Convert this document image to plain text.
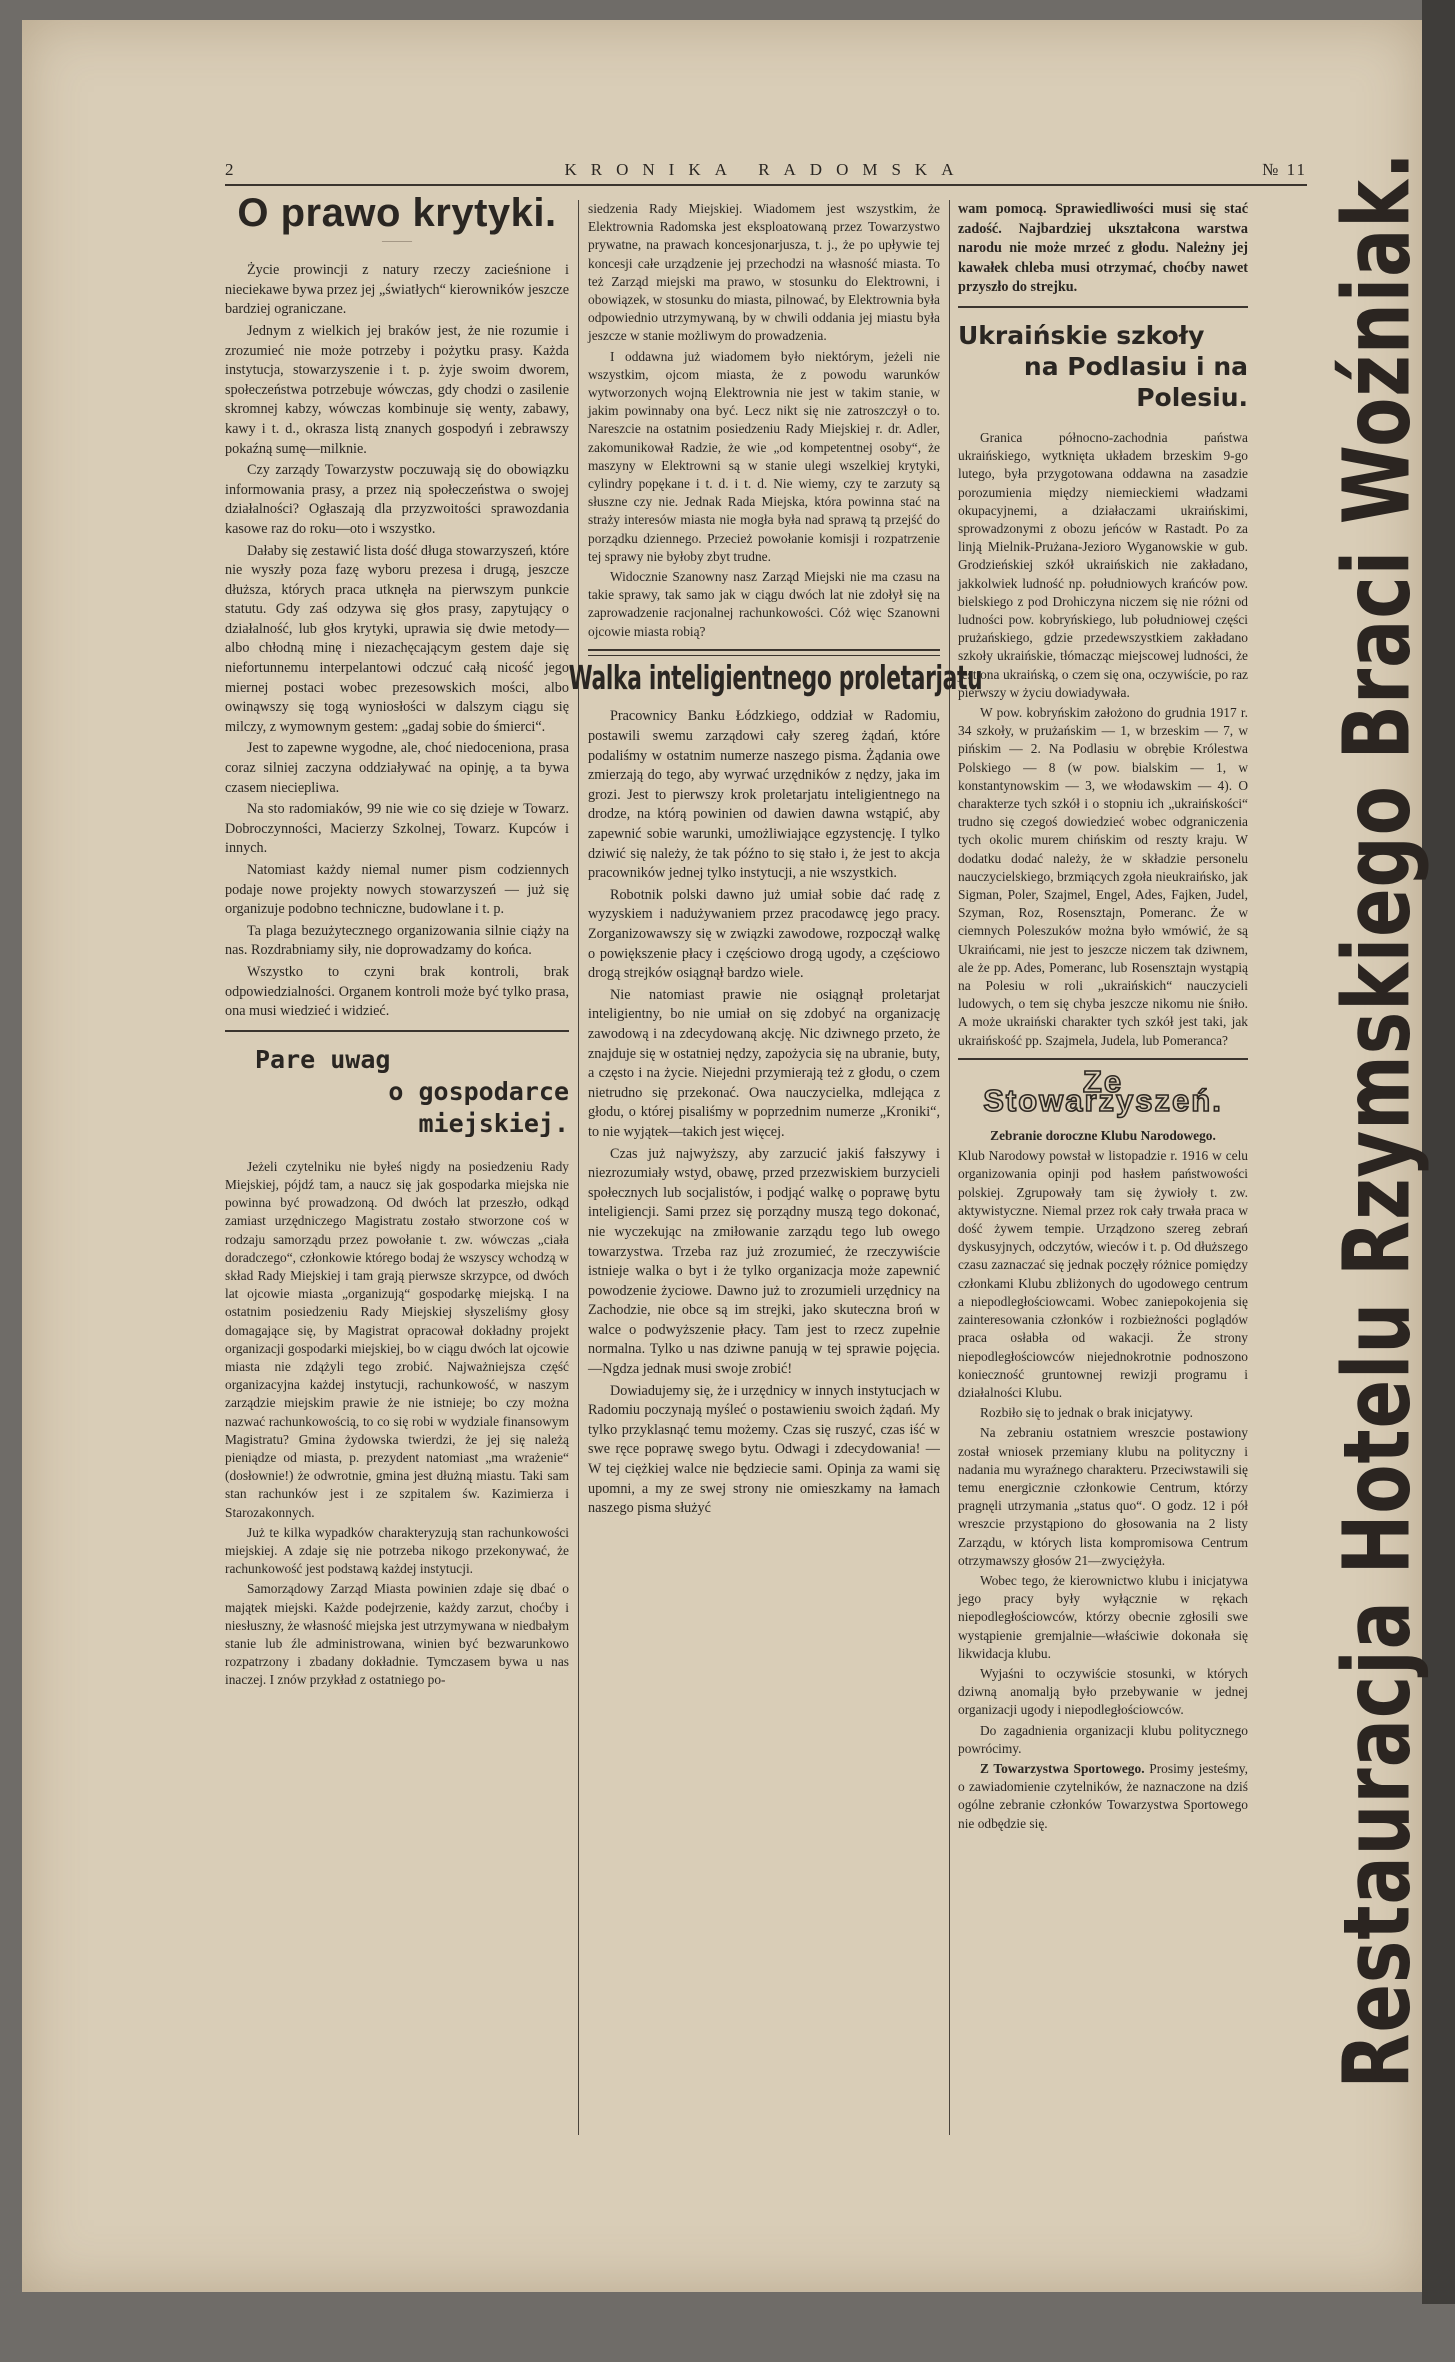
2	KRONIKA RADOMSKA	№ 11
O prawo krytyki.
―――

Życie prowincji z natury rzeczy zacieśnione i nieciekawe bywa przez jej „światłych“ kierowników jeszcze bardziej ograniczane.

Jednym z wielkich jej braków jest, że nie rozumie i zrozumieć nie może potrzeby i pożytku prasy. Każda instytucja, stowarzyszenie i t. p. żyje swoim dworem, społeczeństwa potrzebuje wówczas, gdy chodzi o zasilenie skromnej kabzy, wówczas kombinuje się wenty, zabawy, kawy i t. d., okrasza listą znanych gospodyń i zebrawszy pokaźną sumę—milknie.

Czy zarządy Towarzystw poczuwają się do obowiązku informowania prasy, a przez nią społeczeństwa o swojej działalności? Ogłaszają dla przyzwoitości sprawozdania kasowe raz do roku—oto i wszystko.

Dałaby się zestawić lista dość długa stowarzyszeń, które nie wyszły poza fazę wyboru prezesa i drugą, jeszcze dłuższa, których praca utknęła na pierwszym punkcie statutu. Gdy zaś odzywa się głos prasy, zapytujący o działalność, lub głos krytyki, uprawia się dwie metody—albo chłodną minę i niezachęcającym gestem daje się niefortunnemu interpelantowi odczuć całą nicość jego miernej postaci wobec prezesowskich mości, albo owinąwszy się togą wyniosłości w dalszym ciągu się milczy, z wymownym gestem: „gadaj sobie do śmierci“.

Jest to zapewne wygodne, ale, choć niedoceniona, prasa coraz silniej zaczyna oddziaływać na opinję, a ta bywa czasem nieciepliwa.

Na sto radomiaków, 99 nie wie co się dzieje w Towarz. Dobroczynności, Macierzy Szkolnej, Towarz. Kupców i innych.

Natomiast każdy niemal numer pism codziennych podaje nowe projekty nowych stowarzyszeń — już się organizuje podobno techniczne, budowlane i t. p.

Ta plaga bezużytecznego organizowania silnie ciąży na nas. Rozdrabniamy siły, nie doprowadzamy do końca.

Wszystko to czyni brak kontroli, brak odpowiedzialności. Organem kontroli może być tylko prasa, ona musi wiedzieć i widzieć.

Pare uwag
o gospodarce miejskiej.

Jeżeli czytelniku nie byłeś nigdy na posiedzeniu Rady Miejskiej, pójdź tam, a naucz się jak gospodarka miejska nie powinna być prowadzoną. Od dwóch lat przeszło, odkąd zamiast urzędniczego Magistratu zostało stworzone coś w rodzaju samorządu przez powołanie t. zw. wówczas „ciała doradczego“, członkowie którego bodaj że wszyscy wchodzą w skład Rady Miejskiej i tam grają pierwsze skrzypce, od dwóch lat ojcowie miasta „organizują“ gospodarkę miejską. I na ostatnim posiedzeniu Rady Miejskiej słyszeliśmy głosy domagające się, by Magistrat opracował dokładny projekt organizacji gospodarki miejskiej, bo w ciągu dwóch lat ojcowie miasta nie zdążyli tego zrobić. Najważniejsza część organizacyjna każdej instytucji, rachunkowość, w naszym zarządzie miejskim prawie że nie istnieje; bo czy można nazwać rachunkowością, to co się robi w wydziale finansowym Magistratu? Gmina żydowska twierdzi, że jej się należą pieniądze od miasta, p. prezydent natomiast „ma wrażenie“ (dosłownie!) że odwrotnie, gmina jest dłużną miastu. Taki sam stan rachunków jest i ze szpitalem św. Kazimierza i Starozakonnych.

Już te kilka wypadków charakteryzują stan rachunkowości miejskiej. A zdaje się nie potrzeba nikogo przekonywać, że rachunkowość jest podstawą każdej instytucji.

Samorządowy Zarząd Miasta powinien zdaje się dbać o majątek miejski. Każde podejrzenie, każdy zarzut, choćby i niesłuszny, że własność miejska jest utrzymywana w niedbałym stanie lub źle administrowana, winien być bezwarunkowo rozpatrzony i zbadany dokładnie. Tymczasem bywa u nas inaczej. I znów przykład z ostatniego po-

siedzenia Rady Miejskiej. Wiadomem jest wszystkim, że Elektrownia Radomska jest eksploatowaną przez Towarzystwo prywatne, na prawach koncesjonarjusza, t. j., że po upływie tej koncesji całe urządzenie jej przechodzi na własność miasta. To też Zarząd miejski ma prawo, w stosunku do Elektrowni, i obowiązek, w stosunku do miasta, pilnować, by Elektrownia była odpowiednio utrzymywaną, by w chwili oddania jej miastu była jeszcze w stanie możliwym do prowadzenia.

I oddawna już wiadomem było niektórym, jeżeli nie wszystkim, ojcom miasta, że z powodu warunków wytworzonych wojną Elektrownia nie jest w takim stanie, w jakim powinnaby ona być. Lecz nikt się nie zatroszczył o to. Nareszcie na ostatnim posiedzeniu Rady Miejskiej r. dr. Adler, zakomunikował Radzie, że wie „od kompetentnej osoby“, że maszyny w Elektrowni są w stanie ulegi wszelkiej krytyki, cylindry popękane i t. d. i t. d. Nie wiemy, czy te zarzuty są słuszne czy nie. Jednak Rada Miejska, która powinna stać na straży interesów miasta nie mogła była nad sprawą tą przejść do porządku dziennego. Przecież powołanie komisji i rozpatrzenie tej sprawy nie byłoby zbyt trudne.

Widocznie Szanowny nasz Zarząd Miejski nie ma czasu na takie sprawy, tak samo jak w ciągu dwóch lat nie zdołył się na zaprowadzenie racjonalnej rachunkowości. Cóż więc Szanowni ojcowie miasta robią?

Walka inteligientnego proletarjatu

Pracownicy Banku Łódzkiego, oddział w Radomiu, postawili swemu zarządowi cały szereg żądań, które podaliśmy w ostatnim numerze naszego pisma. Żądania owe zmierzają do tego, aby wyrwać urzędników z nędzy, jaka im grozi. Jest to pierwszy krok proletarjatu inteligientnego na drodze, na którą powinien od dawien dawna wstąpić, aby zapewnić sobie warunki, umożliwiające egzystencję. I tylko dziwić się należy, że tak późno to się stało i, że jest to akcja pracowników jednej tylko instytucji, a nie wszystkich.

Robotnik polski dawno już umiał sobie dać radę z wyzyskiem i nadużywaniem przez pracodawcę jego pracy. Zorganizowawszy się w związki zawodowe, rozpoczął walkę o powiększenie płacy i częściowo drogą ugody, a częściowo drogą strejków osiągnął bardzo wiele.

Nie natomiast prawie nie osiągnął proletarjat inteligientny, bo nie umiał on się zdobyć na organizację zawodową i na zdecydowaną akcję. Nic dziwnego przeto, że znajduje się w ostatniej nędzy, zapożycia się na ubranie, buty, a często i na życie. Niejedni przymierają też z głodu, o czem nietrudno się przekonać. Owa nauczycielka, mdlejąca z głodu, o której pisaliśmy w poprzednim numerze „Kroniki“, to nie wyjątek—takich jest więcej.

Czas już najwyższy, aby zarzucić jakiś fałszywy i niezrozumiały wstyd, obawę, przed przezwiskiem burzycieli społecznych lub socjalistów, i podjąć walkę o poprawę bytu inteligiencji. Sami przez się porządny muszą tego dokonać, nie wyczekując na zmiłowanie zarządu tego lub owego towarzystwa. Trzeba raz już zrozumieć, że rzeczywiście istnieje walka o byt i że tylko organizacja może zapewnić powodzenie życiowe. Dawno już to zrozumieli urzędnicy na Zachodzie, nie obce są im strejki, jako skuteczna broń w walce o podwyższenie płacy. Tam jest to rzecz zupełnie normalna. Tylko u nas dziwne panują w tej sprawie pojęcia.—Ngdza jednak musi swoje zrobić!

Dowiadujemy się, że i urzędnicy w innych instytucjach w Radomiu poczynają myśleć o postawieniu swoich żądań. My tylko przyklasnąć temu możemy. Czas się ruszyć, czas iść w swe ręce poprawę swego bytu. Odwagi i zdecydowania! — W tej ciężkiej walce nie będziecie sami. Opinja za wami się upomni, a my ze swej strony nie omieszkamy na łamach naszego pisma służyć

wam pomocą. Sprawiedliwości musi się stać zadość. Najbardziej ukształcona warstwa narodu nie może mrzeć z głodu. Należny jej kawałek chleba musi otrzymać, choćby nawet przyszło do strejku.

Ukraińskie szkoły
na Podlasiu i na Polesiu.

Granica północno-zachodnia państwa ukraińskiego, wytknięta układem brzeskim 9-go lutego, była przygotowana oddawna na zasadzie porozumienia między niemieckiemi władzami okupacyjnemi, a działaczami ukraińskimi, sprowadzonymi z obozu jeńców w Rastadt. Po za linją Mielnik-Prużana-Jezioro Wyganowskie w gub. Grodzieńskiej szkół ukraińskich nie zakładano, jakkolwiek ludność np. południowych krańców pow. bielskiego z pod Drohiczyna niczem się nie różni od ludności pow. kobryńskiego, lub południowej części prużańskiego, gdzie przedewszystkiem zakładano szkoły ukraińskie, tłómacząc miejscowej ludności, że jest ona ukraińską, o czem się ona, oczywiście, po raz pierwszy w życiu dowiadywała.

W pow. kobryńskim założono do grudnia 1917 r. 34 szkoły, w prużańskim — 1, w brzeskim — 7, w pińskim — 2. Na Podlasiu w obrębie Królestwa Polskiego — 8 (w pow. bialskim — 1, w konstantynowskim — 3, we włodawskim — 4). O charakterze tych szkół i o stopniu ich „ukraińskości“ trudno się czegoś dowiedzieć wobec odgraniczenia tych okolic murem chińskim od reszty kraju. W dodatku dodać należy, że w składzie personelu nauczycielskiego, brzmiących zgoła nieukraińsko, jak Sigman, Poler, Szajmel, Engel, Ades, Fajken, Judel, Szyman, Roz, Rosensztajn, Pomeranc. Że w ciemnych Poleszuków można było wmówić, że są Ukraińcami, nie jest to jeszcze niczem tak dziwnem, ale że pp. Ades, Pomeranc, lub Rosensztajn wystąpią na Polesiu w roli „ukraińskich“ nauczycieli ludowych, o tem się chyba jeszcze nikomu nie śniło. A może ukraiński charakter tych szkół jest taki, jak ukraińskość pp. Szajmela, Judela, lub Pomeranca?

Ze Stowarzyszeń.

Zebranie doroczne Klubu Narodowego.

Klub Narodowy powstał w listopadzie r. 1916 w celu organizowania opinji pod hasłem państwowości polskiej. Zgrupowały tam się żywioły t. zw. aktywistyczne. Niemal przez rok cały trwała praca w dość żywem tempie. Urządzono szereg zebrań dyskusyjnych, odczytów, wieców i t. p. Od dłuższego czasu zaznaczać się jednak poczęły różnice pomiędzy członkami Klubu zbliżonych do ugodowego centrum a niepodległościowcami. Wobec zaniepokojenia się zainteresowania członków i rozbieżności poglądów praca osłabła od wakacji. Że strony niepodległościowców niejednokrotnie podnoszono konieczność gruntownej rewizji programu i działalności Klubu.

Rozbiło się to jednak o brak inicjatywy.

Na zebraniu ostatniem wreszcie postawiony został wniosek przemiany klubu na polityczny i nadania mu wyraźnego charakteru. Przeciwstawili się temu energicznie członkowie Centrum, którzy pragnęli utrzymania „status quo“. O godz. 12 i pół wreszcie przystąpiono do głosowania na 2 listy Zarządu, w których lista kompromisowa Centrum otrzymawszy głosów 21—zwyciężyła.

Wobec tego, że kierownictwo klubu i inicjatywa jego pracy były wyłącznie w rękach niepodległościowców, którzy obecnie zgłosili swe wystąpienie gremjalnie—właściwie dokonała się likwidacja klubu.

Wyjaśni to oczywiście stosunki, w których dziwną anomalją było przebywanie w jednej organizacji ugody i niepodległościowców.

Do zagadnienia organizacji klubu politycznego powrócimy.

Z Towarzystwa Sportowego. Prosimy jesteśmy, o zawiadomienie czytelników, że naznaczone na dziś ogólne zebranie członków Towarzystwa Sportowego nie odbędzie się.	Restauracja Hotelu Rzymskiego Braci Woźniak.
